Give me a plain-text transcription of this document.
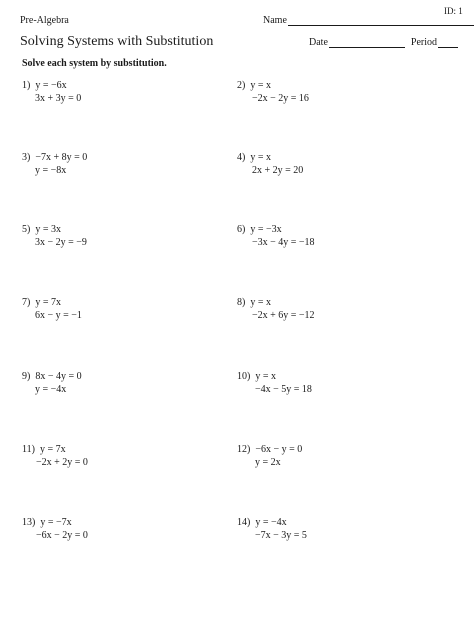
ID: 1
Pre-Algebra	Name
Solving Systems with Substitution	Date	Period
Solve each system by substitution.
1) y = −6x
3x + 3y = 0
2) y = x
−2x − 2y = 16
3) −7x + 8y = 0
y = −8x
4) y = x
2x + 2y = 20
5) y = 3x
3x − 2y = −9
6) y = −3x
−3x − 4y = −18
7) y = 7x
6x − y = −1
8) y = x
−2x + 6y = −12
9) 8x − 4y = 0
y = −4x
10) y = x
−4x − 5y = 18
11) y = 7x
−2x + 2y = 0
12) −6x − y = 0
y = 2x
13) y = −7x
−6x − 2y = 0
14) y = −4x
−7x − 3y = 5
